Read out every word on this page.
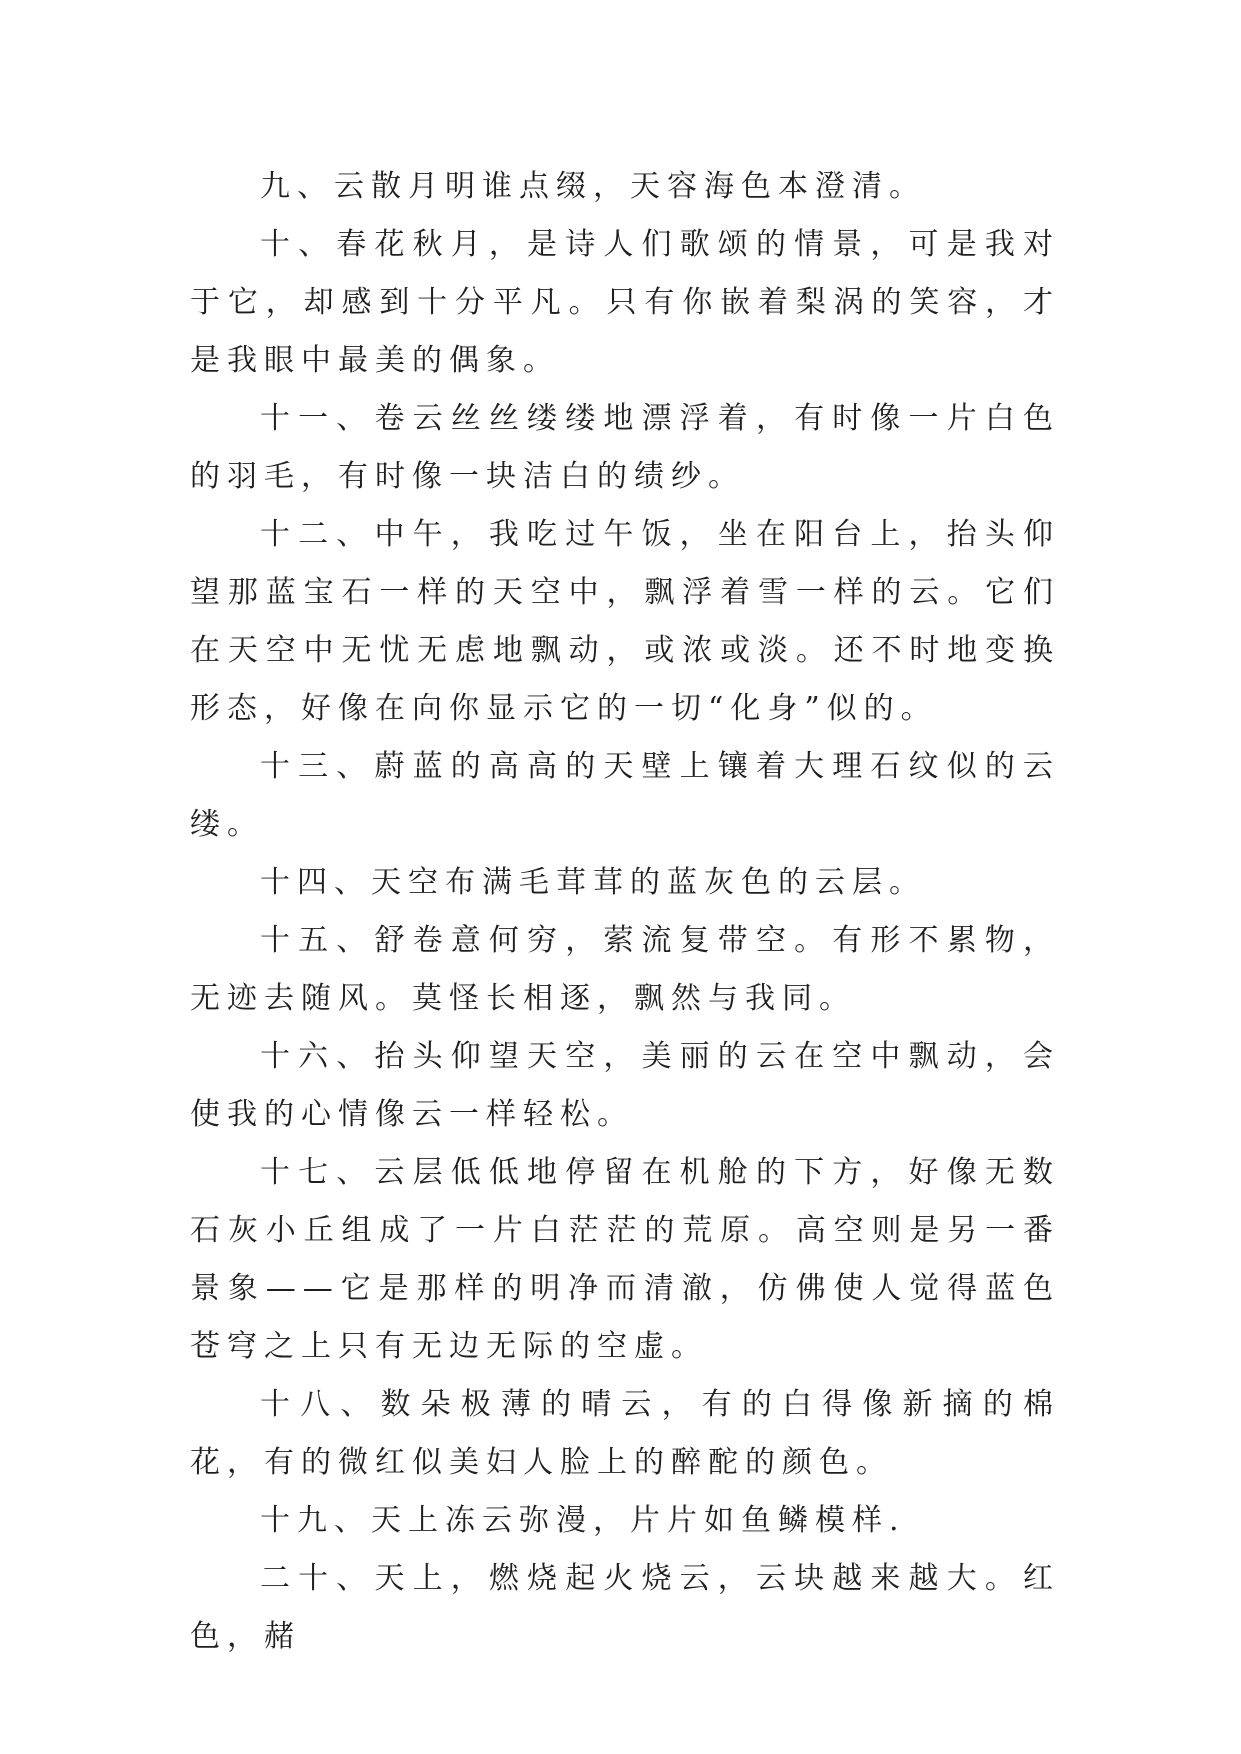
九、云散月明谁点缀，天容海色本澄清。

十、春花秋月，是诗人们歌颂的情景，可是我对于它，却感到十分平凡。只有你嵌着梨涡的笑容，才是我眼中最美的偶象。

十一、卷云丝丝缕缕地漂浮着，有时像一片白色的羽毛，有时像一块洁白的绩纱。

十二、中午，我吃过午饭，坐在阳台上，抬头仰望那蓝宝石一样的天空中，飘浮着雪一样的云。它们在天空中无忧无虑地飘动，或浓或淡。还不时地变换形态，好像在向你显示它的一切“化身”似的。

十三、蔚蓝的高高的天壁上镶着大理石纹似的云缕。

十四、天空布满毛茸茸的蓝灰色的云层。

十五、舒卷意何穷，萦流复带空。有形不累物，无迹去随风。莫怪长相逐，飘然与我同。

十六、抬头仰望天空，美丽的云在空中飘动，会使我的心情像云一样轻松。

十七、云层低低地停留在机舱的下方，好像无数石灰小丘组成了一片白茫茫的荒原。高空则是另一番景象——它是那样的明净而清澈，仿佛使人觉得蓝色苍穹之上只有无边无际的空虚。

十八、数朵极薄的晴云，有的白得像新摘的棉花，有的微红似美妇人脸上的醉酡的颜色。

十九、天上冻云弥漫，片片如鱼鳞模样.

二十、天上，燃烧起火烧云，云块越来越大。红色，赭
